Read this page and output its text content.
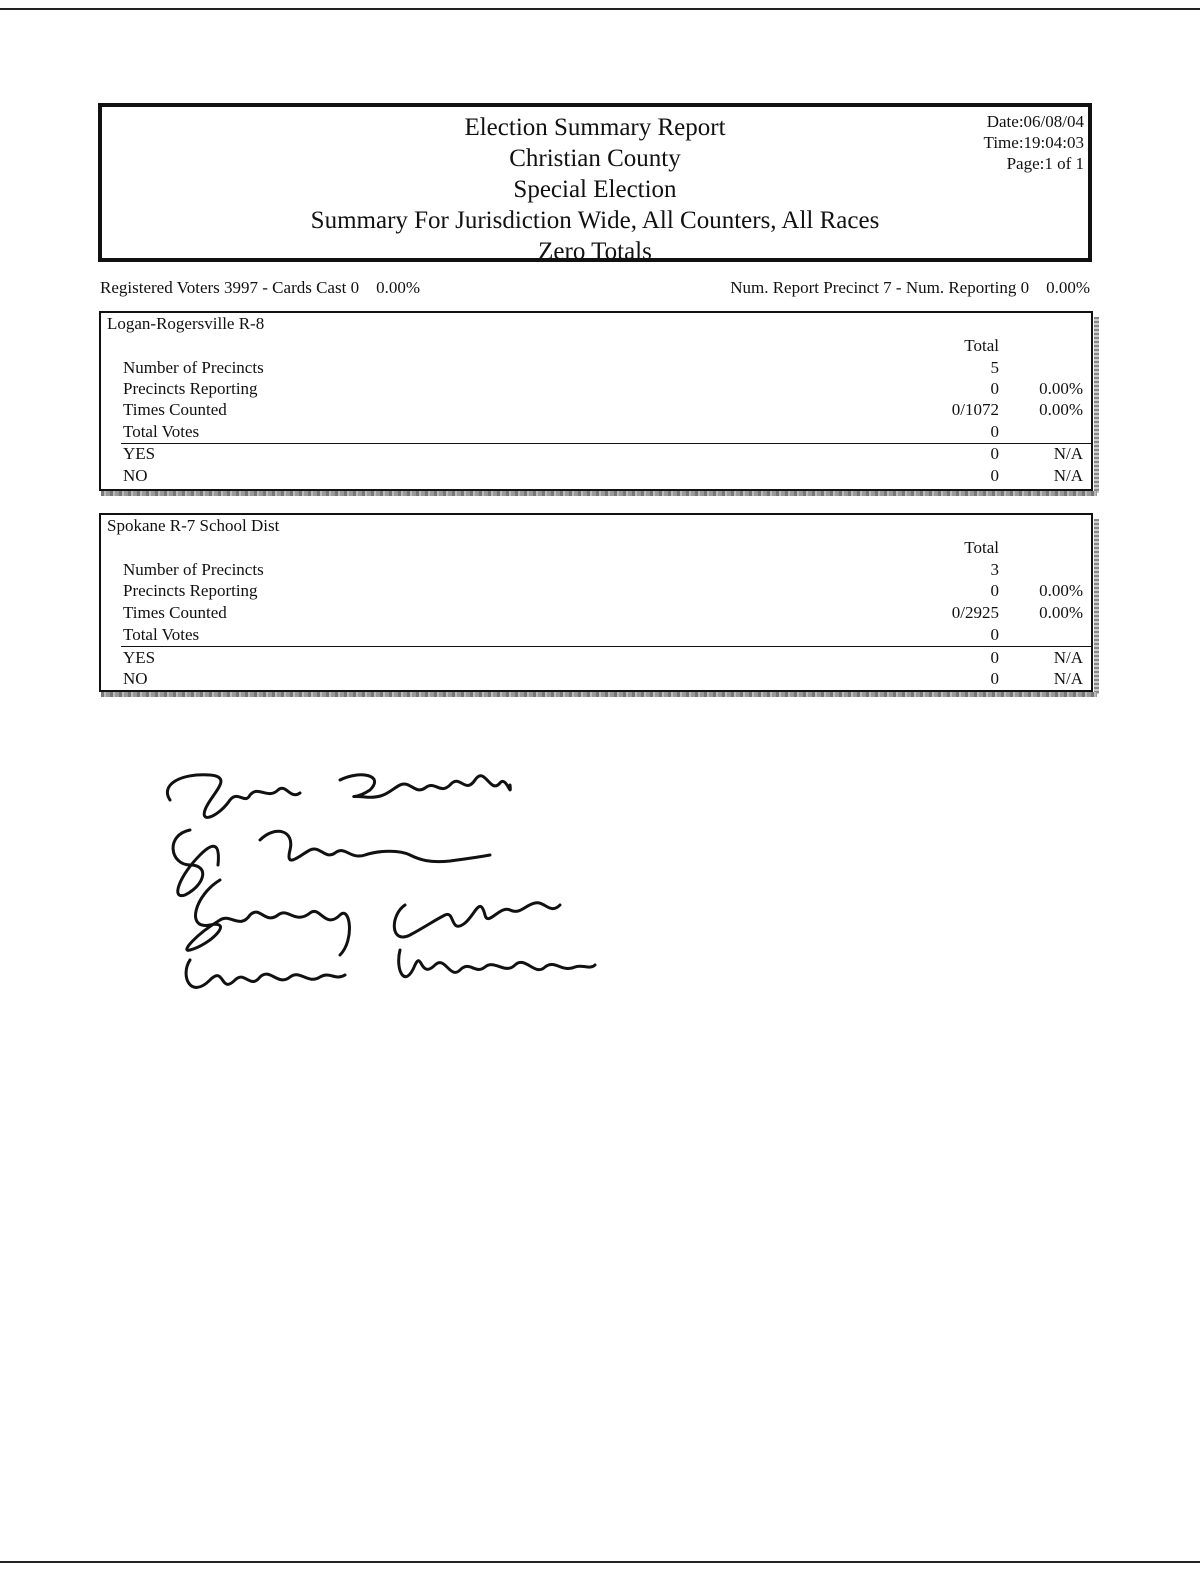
Election Summary Report
Christian County
Special Election
Summary For Jurisdiction Wide, All Counters, All Races
Zero Totals
Date:06/08/04
Time:19:04:03
Page:1 of 1
Registered Voters 3997 - Cards Cast 0    0.00%	Num. Report Precinct 7 - Num. Reporting 0    0.00%
Logan-Rogersville R-8
Total
Number of Precincts	5
Precincts Reporting	0 0.00%
Times Counted	0/1072 0.00%
Total Votes	0
YES	0	N/A
NO	0	N/A
Spokane R-7 School Dist
Total
Number of Precincts	3
Precincts Reporting	0 0.00%
Times Counted	0/2925 0.00%
Total Votes	0
YES	0	N/A
NO	0	N/A
